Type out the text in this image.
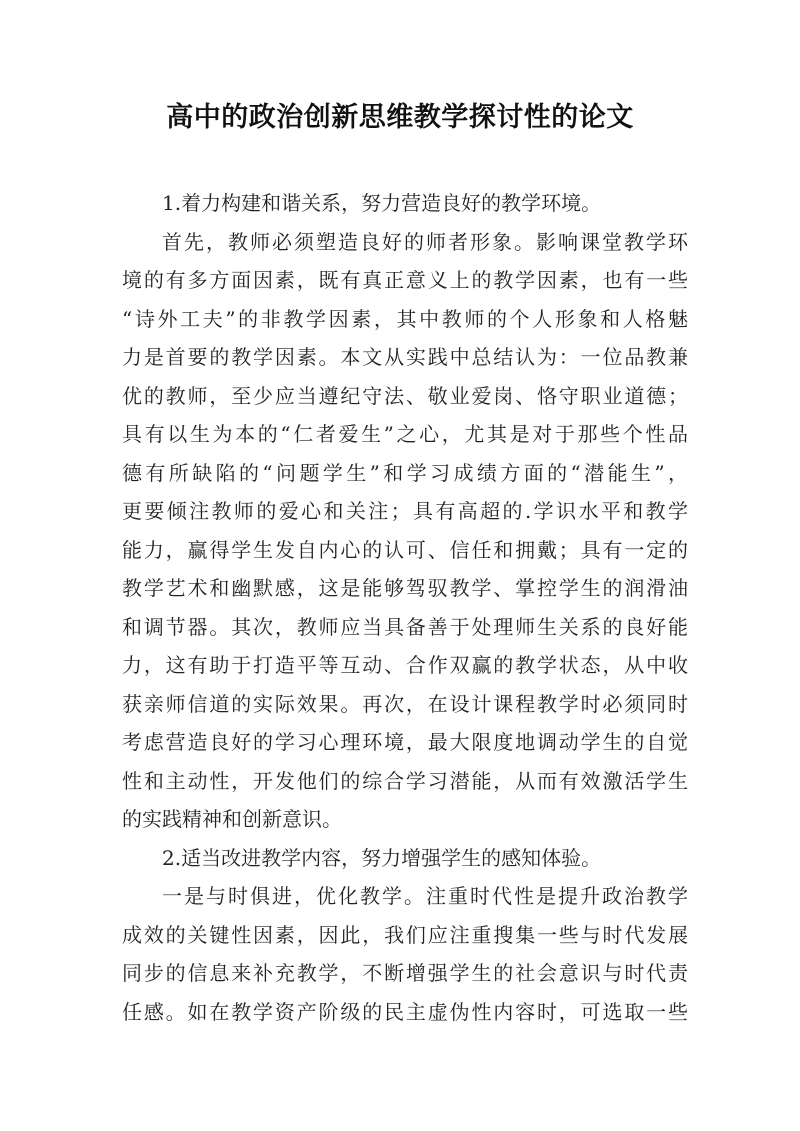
高中的政治创新思维教学探讨性的论文
1.着力构建和谐关系，努力营造良好的教学环境。
首先，教师必须塑造良好的师者形象。影响课堂教学环
境的有多方面因素，既有真正意义上的教学因素，也有一些
“诗外工夫”的非教学因素，其中教师的个人形象和人格魅
力是首要的教学因素。本文从实践中总结认为：一位品教兼
优的教师，至少应当遵纪守法、敬业爱岗、恪守职业道德；
具有以生为本的“仁者爱生”之心，尤其是对于那些个性品
德有所缺陷的“问题学生”和学习成绩方面的“潜能生”，
更要倾注教师的爱心和关注；具有高超的.学识水平和教学
能力，赢得学生发自内心的认可、信任和拥戴；具有一定的
教学艺术和幽默感，这是能够驾驭教学、掌控学生的润滑油
和调节器。其次，教师应当具备善于处理师生关系的良好能
力，这有助于打造平等互动、合作双赢的教学状态，从中收
获亲师信道的实际效果。再次，在设计课程教学时必须同时
考虑营造良好的学习心理环境，最大限度地调动学生的自觉
性和主动性，开发他们的综合学习潜能，从而有效激活学生
的实践精神和创新意识。
2.适当改进教学内容，努力增强学生的感知体验。
一是与时俱进，优化教学。注重时代性是提升政治教学
成效的关键性因素，因此，我们应注重搜集一些与时代发展
同步的信息来补充教学，不断增强学生的社会意识与时代责
任感。如在教学资产阶级的民主虚伪性内容时，可选取一些
